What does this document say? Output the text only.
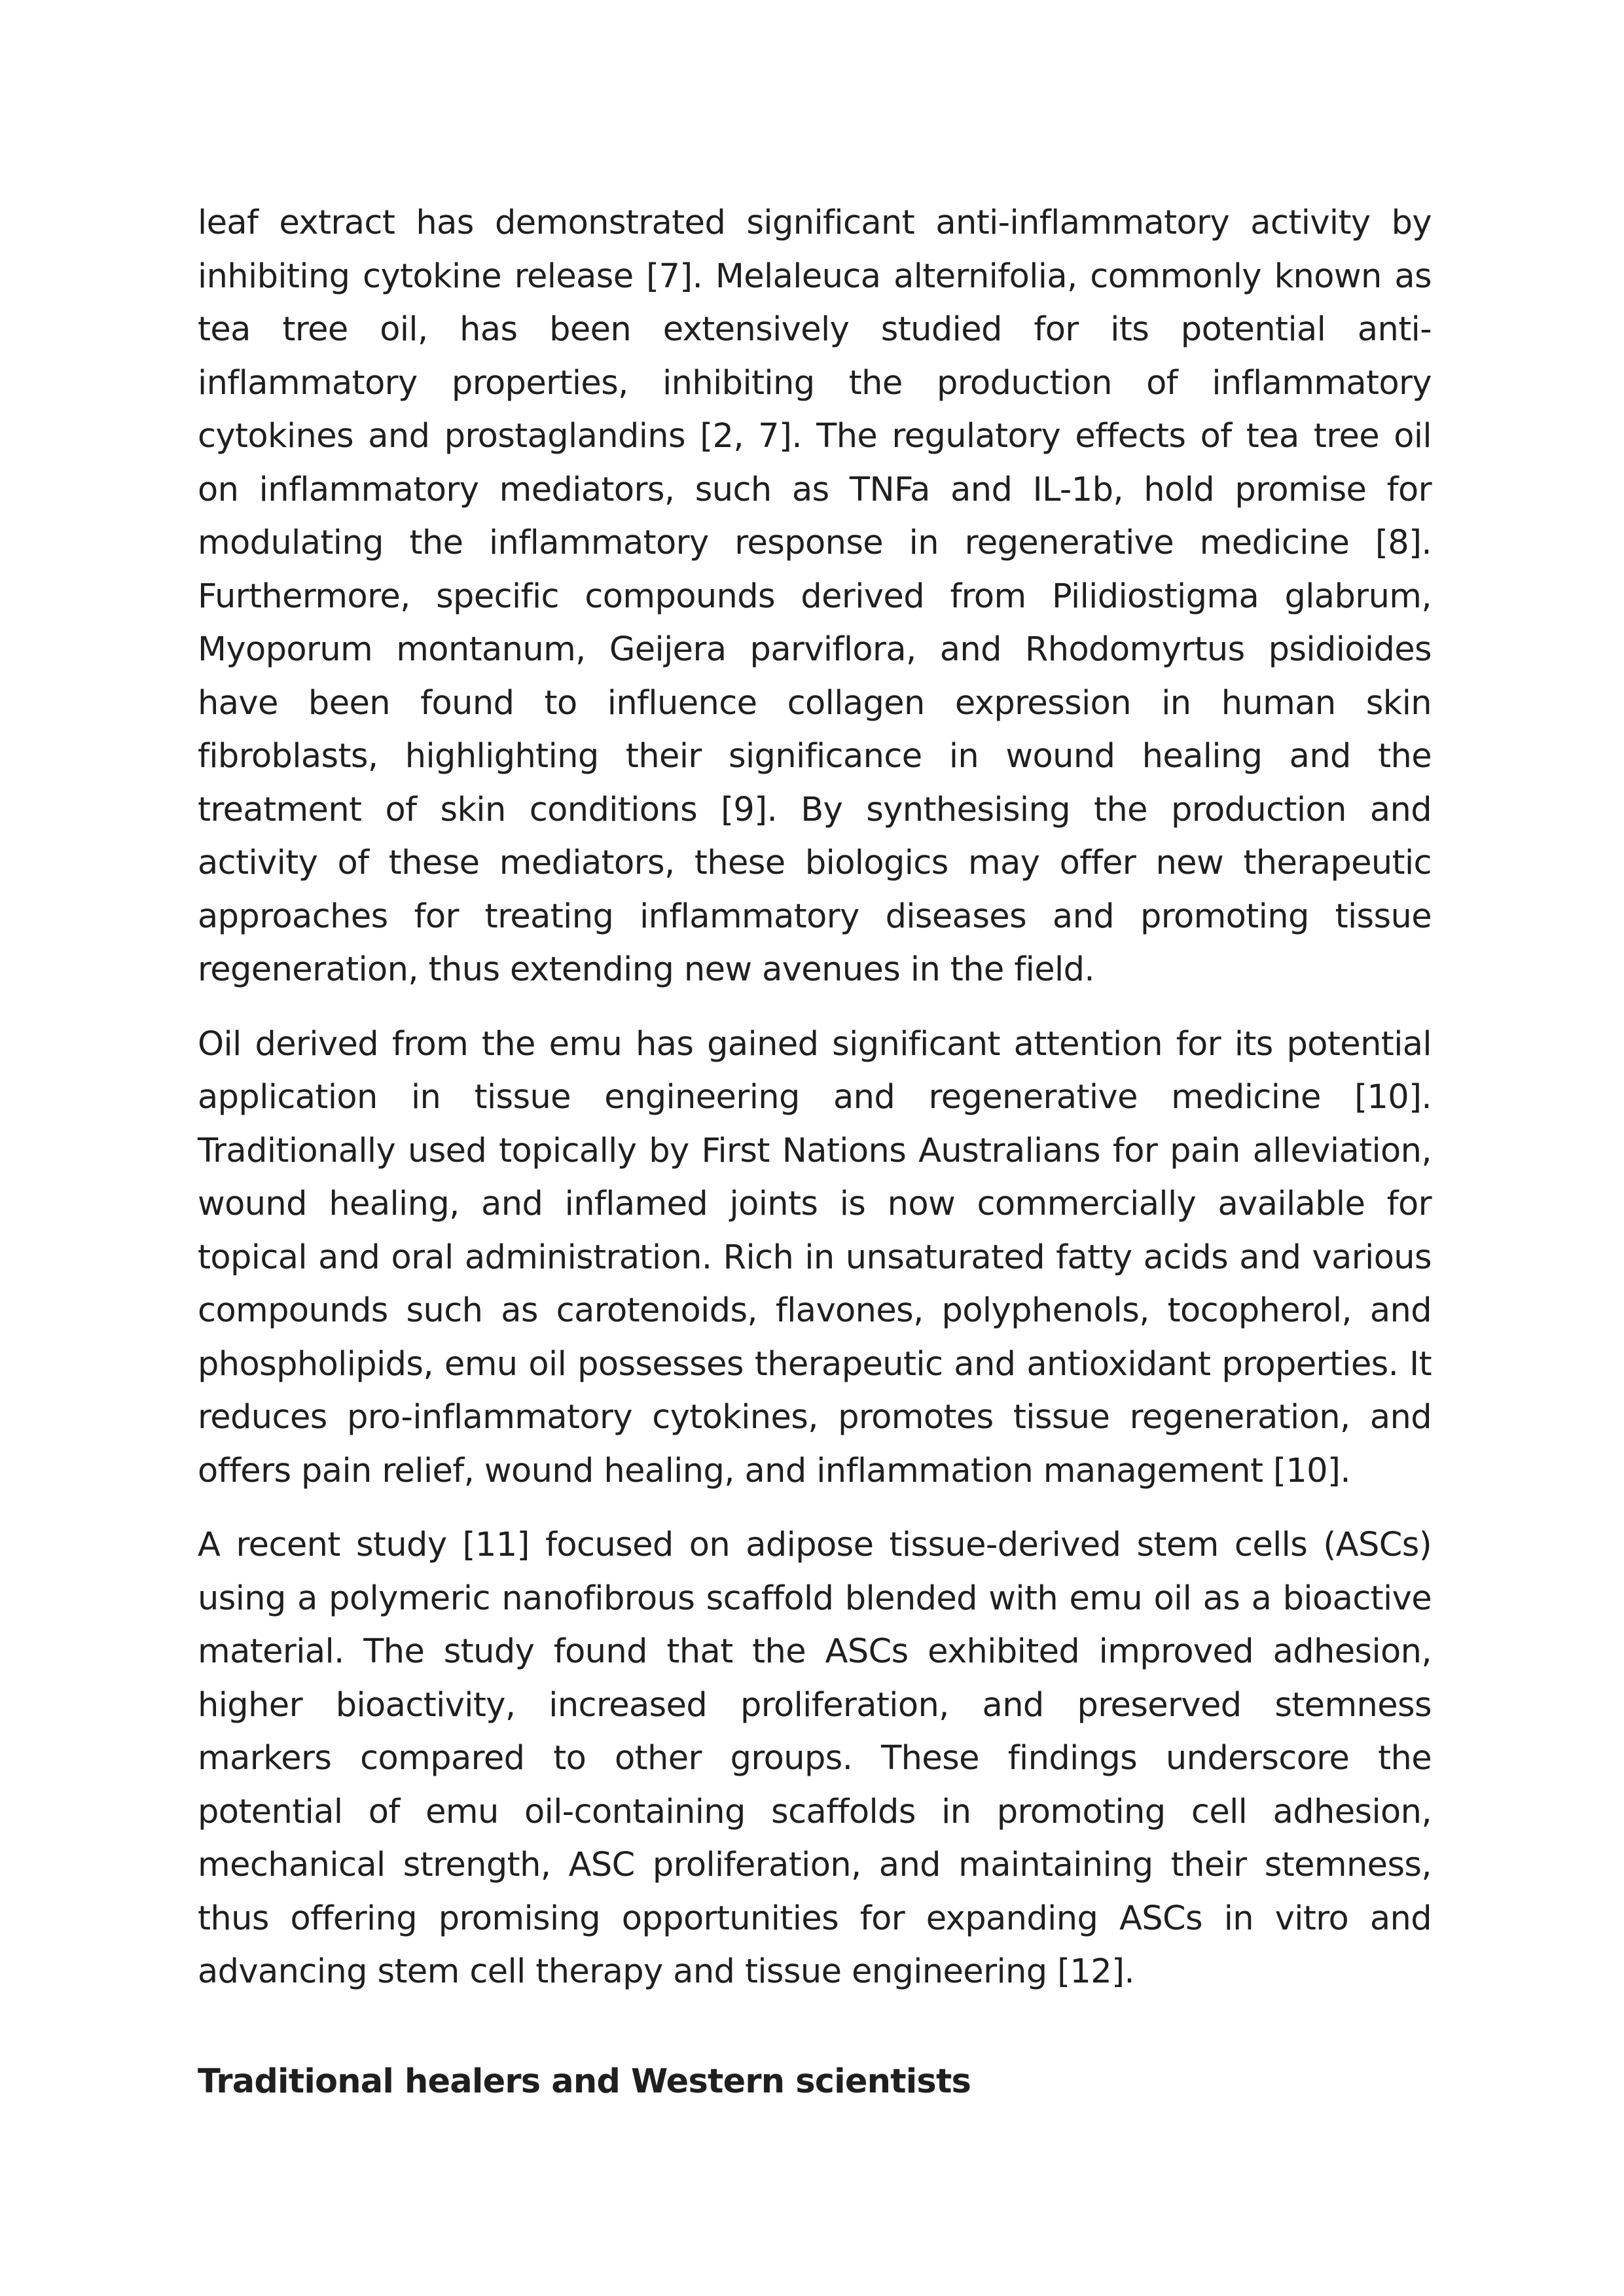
leaf extract has demonstrated significant anti-inflammatory activity by inhibiting cytokine release [7]. Melaleuca alternifolia, commonly known as tea tree oil, has been extensively studied for its potential anti-inflammatory properties, inhibiting the production of inflammatory cytokines and prostaglandins [2, 7]. The regulatory effects of tea tree oil on inflammatory mediators, such as TNFa and IL-1b, hold promise for modulating the inflammatory response in regenerative medicine [8]. Furthermore, specific compounds derived from Pilidiostigma glabrum, Myoporum montanum, Geijera parviflora, and Rhodomyrtus psidioides have been found to influence collagen expression in human skin fibroblasts, highlighting their significance in wound healing and the treatment of skin conditions [9]. By synthesising the production and activity of these mediators, these biologics may offer new therapeutic approaches for treating inflammatory diseases and promoting tissue regeneration, thus extending new avenues in the field.

Oil derived from the emu has gained significant attention for its potential application in tissue engineering and regenerative medicine [10]. Traditionally used topically by First Nations Australians for pain alleviation, wound healing, and inflamed joints is now commercially available for topical and oral administration. Rich in unsaturated fatty acids and various compounds such as carotenoids, flavones, polyphenols, tocopherol, and phospholipids, emu oil possesses therapeutic and antioxidant properties. It reduces pro-inflammatory cytokines, promotes tissue regeneration, and offers pain relief, wound healing, and inflammation management [10].

A recent study [11] focused on adipose tissue-derived stem cells (ASCs) using a polymeric nanofibrous scaffold blended with emu oil as a bioactive material. The study found that the ASCs exhibited improved adhesion, higher bioactivity, increased proliferation, and preserved stemness markers compared to other groups. These findings underscore the potential of emu oil-containing scaffolds in promoting cell adhesion, mechanical strength, ASC proliferation, and maintaining their stemness, thus offering promising opportunities for expanding ASCs in vitro and advancing stem cell therapy and tissue engineering [12].

Traditional healers and Western scientists
